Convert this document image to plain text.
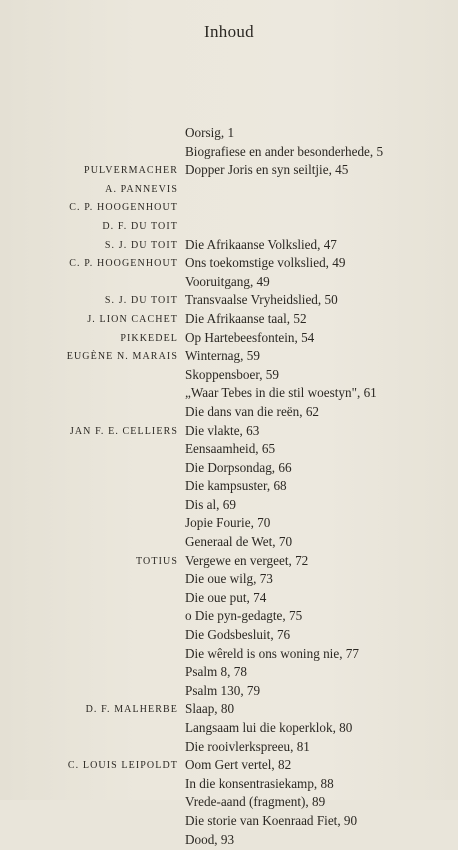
Inhoud
Oorsig, 1
Biografiese en ander besonderhede, 5
PULVERMACHER Dopper Joris en syn seiltjie, 45
A. PANNEVIS
C. P. HOOGENHOUT
D. F. DU TOIT
S. J. DU TOIT Die Afrikaanse Volkslied, 47
C. P. HOOGENHOUT Ons toekomstige volkslied, 49
Vooruitgang, 49
S. J. DU TOIT Transvaalse Vryheidslied, 50
J. LION CACHET Die Afrikaanse taal, 52
PIKKEDEL Op Hartebeesfontein, 54
EUGÈNE N. MARAIS Winternag, 59
Skoppensboer, 59
„Waar Tebes in die stil woestyn", 61
Die dans van die reën, 62
JAN F. E. CELLIERS Die vlakte, 63
Eensaamheid, 65
Die Dorpsondag, 66
Die kampsuster, 68
Dis al, 69
Jopie Fourie, 70
Generaal de Wet, 70
TOTIUS Vergewe en vergeet, 72
Die oue wilg, 73
Die oue put, 74
o Die pyn-gedagte, 75
Die Godsbesluit, 76
Die wêreld is ons woning nie, 77
Psalm 8, 78
Psalm 130, 79
D. F. MALHERBE Slaap, 80
Langsaam lui die koperklok, 80
Die rooivlerkspreeu, 81
C. LOUIS LEIPOLDT Oom Gert vertel, 82
In die konsentrasiekamp, 88
Vrede-aand (fragment), 89
Die storie van Koenraad Fiet, 90
Dood, 93
